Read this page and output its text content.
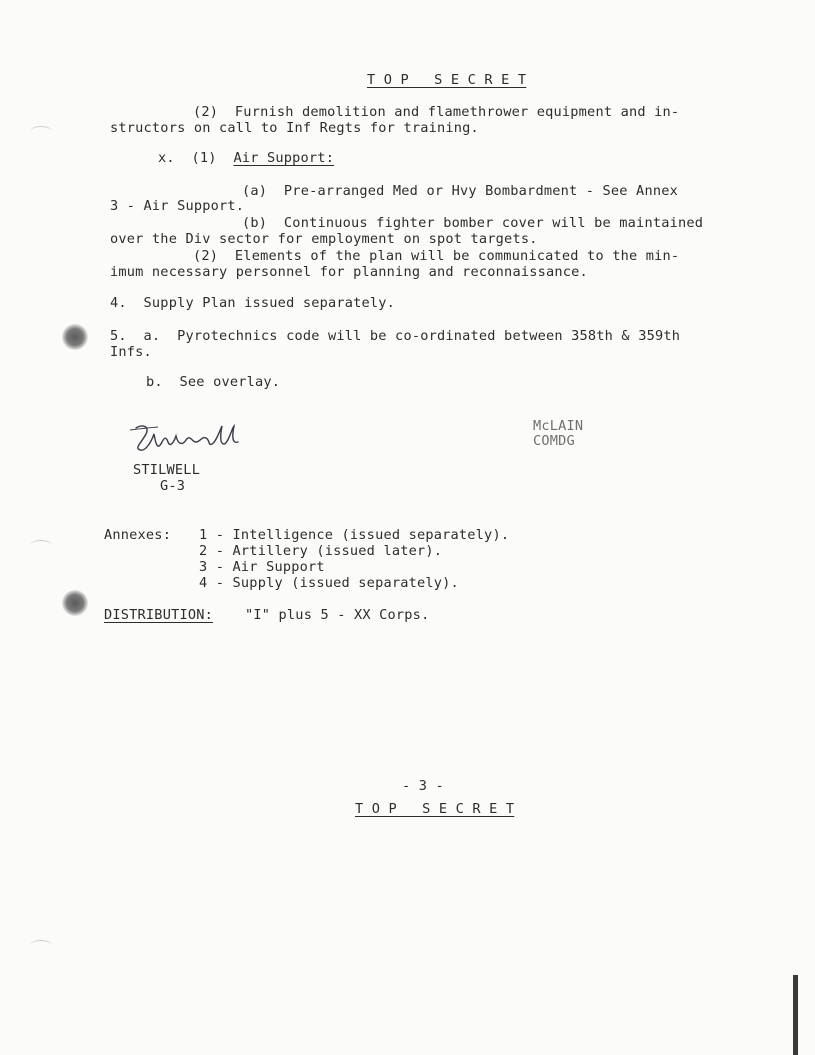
T O P   S E C R E T
(2)  Furnish demolition and flamethrower equipment and in-
structors on call to Inf Regts for training.
x.  (1)  Air Support:
(a)  Pre-arranged Med or Hvy Bombardment - See Annex
3 - Air Support.
(b)  Continuous fighter bomber cover will be maintained
over the Div sector for employment on spot targets.
(2)  Elements of the plan will be communicated to the min-
imum necessary personnel for planning and reconnaissance.
4.  Supply Plan issued separately.
5.  a.  Pyrotechnics code will be co-ordinated between 358th & 359th
Infs.
b.  See overlay.
STILWELL
G-3
McLAIN
COMDG
Annexes: 1 - Intelligence (issued separately).
2 - Artillery (issued later).
3 - Air Support
4 - Supply (issued separately).
DISTRIBUTION: "I" plus 5 - XX Corps.
- 3 -
T O P   S E C R E T
